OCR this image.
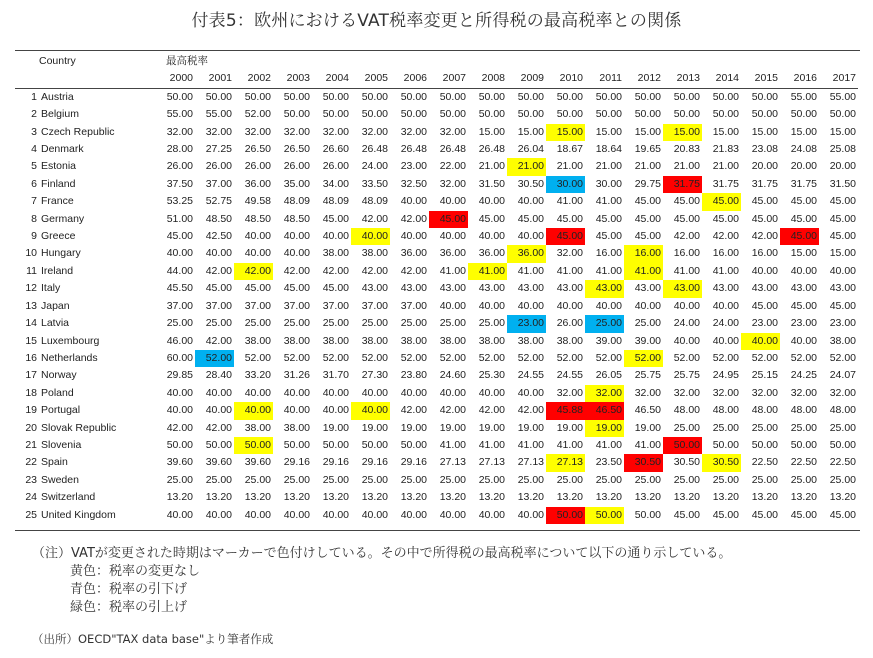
付表5：欧州におけるVAT税率変更と所得税の最高税率との関係
Country	最高税率																	
	2000	2001	2002	2003	2004	2005	2006	2007	2008	2009	2010	2011	2012	2013	2014	2015	2016	2017
1 Austria	50.00	50.00	50.00	50.00	50.00	50.00	50.00	50.00	50.00	50.00	50.00	50.00	50.00	50.00	50.00	50.00	55.00	55.00
2 Belgium	55.00	55.00	52.00	50.00	50.00	50.00	50.00	50.00	50.00	50.00	50.00	50.00	50.00	50.00	50.00	50.00	50.00	50.00
3 Czech Republic	32.00	32.00	32.00	32.00	32.00	32.00	32.00	32.00	15.00	15.00	15.00	15.00	15.00	15.00	15.00	15.00	15.00	15.00
4 Denmark	28.00	27.25	26.50	26.50	26.60	26.48	26.48	26.48	26.48	26.04	18.67	18.64	19.65	20.83	21.83	23.08	24.08	25.08
5 Estonia	26.00	26.00	26.00	26.00	26.00	24.00	23.00	22.00	21.00	21.00	21.00	21.00	21.00	21.00	21.00	20.00	20.00	20.00
6 Finland	37.50	37.00	36.00	35.00	34.00	33.50	32.50	32.00	31.50	30.50	30.00	30.00	29.75	31.75	31.75	31.75	31.75	31.50
7 France	53.25	52.75	49.58	48.09	48.09	48.09	40.00	40.00	40.00	40.00	41.00	41.00	45.00	45.00	45.00	45.00	45.00	45.00
8 Germany	51.00	48.50	48.50	48.50	45.00	42.00	42.00	45.00	45.00	45.00	45.00	45.00	45.00	45.00	45.00	45.00	45.00	45.00
9 Greece	45.00	42.50	40.00	40.00	40.00	40.00	40.00	40.00	40.00	40.00	45.00	45.00	45.00	42.00	42.00	42.00	45.00	45.00
10 Hungary	40.00	40.00	40.00	40.00	38.00	38.00	36.00	36.00	36.00	36.00	32.00	16.00	16.00	16.00	16.00	16.00	15.00	15.00
11 Ireland	44.00	42.00	42.00	42.00	42.00	42.00	42.00	41.00	41.00	41.00	41.00	41.00	41.00	41.00	41.00	40.00	40.00	40.00
12 Italy	45.50	45.00	45.00	45.00	45.00	43.00	43.00	43.00	43.00	43.00	43.00	43.00	43.00	43.00	43.00	43.00	43.00	43.00
13 Japan	37.00	37.00	37.00	37.00	37.00	37.00	37.00	40.00	40.00	40.00	40.00	40.00	40.00	40.00	40.00	45.00	45.00	45.00
14 Latvia	25.00	25.00	25.00	25.00	25.00	25.00	25.00	25.00	25.00	23.00	26.00	25.00	25.00	24.00	24.00	23.00	23.00	23.00
15 Luxembourg	46.00	42.00	38.00	38.00	38.00	38.00	38.00	38.00	38.00	38.00	38.00	39.00	39.00	40.00	40.00	40.00	40.00	38.00
16 Netherlands	60.00	52.00	52.00	52.00	52.00	52.00	52.00	52.00	52.00	52.00	52.00	52.00	52.00	52.00	52.00	52.00	52.00	52.00
17 Norway	29.85	28.40	33.20	31.26	31.70	27.30	23.80	24.60	25.30	24.55	24.55	26.05	25.75	25.75	24.95	25.15	24.25	24.07
18 Poland	40.00	40.00	40.00	40.00	40.00	40.00	40.00	40.00	40.00	40.00	32.00	32.00	32.00	32.00	32.00	32.00	32.00	32.00
19 Portugal	40.00	40.00	40.00	40.00	40.00	40.00	42.00	42.00	42.00	42.00	45.88	46.50	46.50	48.00	48.00	48.00	48.00	48.00
20 Slovak Republic	42.00	42.00	38.00	38.00	19.00	19.00	19.00	19.00	19.00	19.00	19.00	19.00	19.00	25.00	25.00	25.00	25.00	25.00
21 Slovenia	50.00	50.00	50.00	50.00	50.00	50.00	50.00	41.00	41.00	41.00	41.00	41.00	41.00	50.00	50.00	50.00	50.00	50.00
22 Spain	39.60	39.60	39.60	29.16	29.16	29.16	29.16	27.13	27.13	27.13	27.13	23.50	30.50	30.50	30.50	22.50	22.50	22.50
23 Sweden	25.00	25.00	25.00	25.00	25.00	25.00	25.00	25.00	25.00	25.00	25.00	25.00	25.00	25.00	25.00	25.00	25.00	25.00
24 Switzerland	13.20	13.20	13.20	13.20	13.20	13.20	13.20	13.20	13.20	13.20	13.20	13.20	13.20	13.20	13.20	13.20	13.20	13.20
25 United Kingdom	40.00	40.00	40.00	40.00	40.00	40.00	40.00	40.00	40.00	40.00	50.00	50.00	50.00	45.00	45.00	45.00	45.00	45.00
（注）VATが変更された時期はマーカーで色付けしている。その中で所得税の最高税率について以下の通り示している。
黄色：税率の変更なし
青色：税率の引下げ
緑色：税率の引上げ
（出所）OECD"TAX data base"より筆者作成
